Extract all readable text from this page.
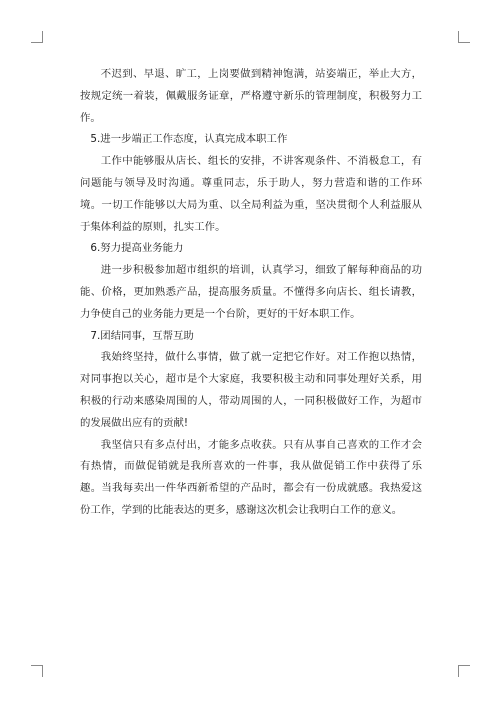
不迟到、早退、旷工，上岗要做到精神饱满，站姿端正，举止大方，按规定统一着装，佩戴服务证章，严格遵守新乐的管理制度，积极努力工作。

5.进一步端正工作态度，认真完成本职工作

工作中能够服从店长、组长的安排，不讲客观条件、不消极怠工，有问题能与领导及时沟通。尊重同志，乐于助人，努力营造和谐的工作环境。一切工作能够以大局为重、以全局利益为重，坚决贯彻个人利益服从于集体利益的原则，扎实工作。

6.努力提高业务能力

进一步积极参加超市组织的培训，认真学习，细致了解每种商品的功能、价格，更加熟悉产品，提高服务质量。不懂得多向店长、组长请教，力争使自己的业务能力更是一个台阶，更好的干好本职工作。

7.团结同事，互帮互助

我始终坚持，做什么事情，做了就一定把它作好。对工作抱以热情，对同事抱以关心，超市是个大家庭，我要积极主动和同事处理好关系，用积极的行动来感染周围的人，带动周围的人，一同积极做好工作，为超市的发展做出应有的贡献!

我坚信只有多点付出，才能多点收获。只有从事自己喜欢的工作才会有热情，而做促销就是我所喜欢的一件事，我从做促销工作中获得了乐趣。当我每卖出一件华西新希望的产品时，都会有一份成就感。我热爱这份工作，学到的比能表达的更多，感谢这次机会让我明白工作的意义。
